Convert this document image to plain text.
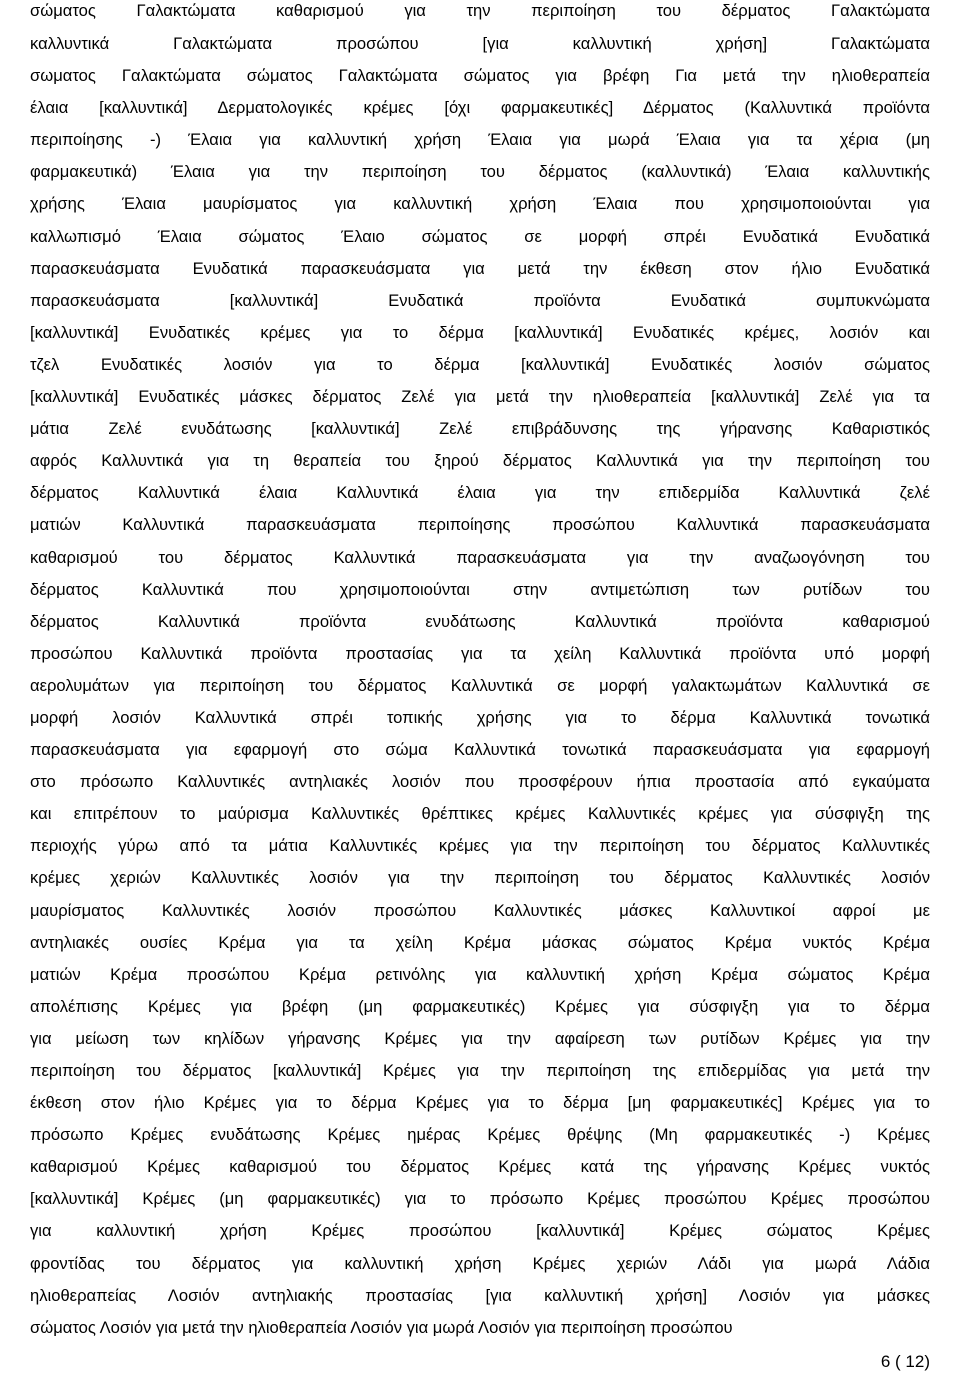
σώματος Γαλακτώματα καθαρισμού για την περιποίηση του δέρματος Γαλακτώματα
καλλυντικά Γαλακτώματα προσώπου [για καλλυντική χρήση] Γαλακτώματα
σωματος Γαλακτώματα σώματος Γαλακτώματα σώματος για βρέφη Για μετά την ηλιοθεραπεία
έλαια [καλλυντικά] Δερματολογικές κρέμες [όχι φαρμακευτικές] Δέρματος (Καλλυντικά προϊόντα
περιποίησης -) Έλαια για καλλυντική χρήση Έλαια για μωρά Έλαια για τα χέρια (μη
φαρμακευτικά) Έλαια για την περιποίηση του δέρματος (καλλυντικά) Έλαια καλλυντικής
χρήσης Έλαια μαυρίσματος για καλλυντική χρήση Έλαια που χρησιμοποιούνται για
καλλωπισμό Έλαια σώματος Έλαιο σώματος σε μορφή σπρέι Ενυδατικά Ενυδατικά
παρασκευάσματα Ενυδατικά παρασκευάσματα για μετά την έκθεση στον ήλιο Ενυδατικά
παρασκευάσματα [καλλυντικά] Ενυδατικά προϊόντα Ενυδατικά συμπυκνώματα
[καλλυντικά] Ενυδατικές κρέμες για το δέρμα [καλλυντικά] Ενυδατικές κρέμες, λοσιόν και
τζελ Ενυδατικές λοσιόν για το δέρμα [καλλυντικά] Ενυδατικές λοσιόν σώματος
[καλλυντικά] Ενυδατικές μάσκες δέρματος Ζελέ για μετά την ηλιοθεραπεία [καλλυντικά] Ζελέ για τα
μάτια Ζελέ ενυδάτωσης [καλλυντικά] Ζελέ επιβράδυνσης της γήρανσης Καθαριστικός
αφρός Καλλυντικά για τη θεραπεία του ξηρού δέρματος Καλλυντικά για την περιποίηση του
δέρματος Καλλυντικά έλαια Καλλυντικά έλαια για την επιδερμίδα Καλλυντικά ζελέ
ματιών Καλλυντικά παρασκευάσματα περιποίησης προσώπου Καλλυντικά παρασκευάσματα
καθαρισμού του δέρματος Καλλυντικά παρασκευάσματα για την αναζωογόνηση του
δέρματος Καλλυντικά που χρησιμοποιούνται στην αντιμετώπιση των ρυτίδων του
δέρματος Καλλυντικά προϊόντα ενυδάτωσης Καλλυντικά προϊόντα καθαρισμού
προσώπου Καλλυντικά προϊόντα προστασίας για τα χείλη Καλλυντικά προϊόντα υπό μορφή
αερολυμάτων για περιποίηση του δέρματος Καλλυντικά σε μορφή γαλακτωμάτων Καλλυντικά σε
μορφή λοσιόν Καλλυντικά σπρέι τοπικής χρήσης για το δέρμα Καλλυντικά τονωτικά
παρασκευάσματα για εφαρμογή στο σώμα Καλλυντικά τονωτικά παρασκευάσματα για εφαρμογή
στο πρόσωπο Καλλυντικές αντηλιακές λοσιόν που προσφέρουν ήπια προστασία από εγκαύματα
και επιτρέπουν το μαύρισμα Καλλυντικές θρέπτικες κρέμες Καλλυντικές κρέμες για σύσφιγξη της
περιοχής γύρω από τα μάτια Καλλυντικές κρέμες για την περιποίηση του δέρματος Καλλυντικές
κρέμες χεριών Καλλυντικές λοσιόν για την περιποίηση του δέρματος Καλλυντικές λοσιόν
μαυρίσματος Καλλυντικές λοσιόν προσώπου Καλλυντικές μάσκες Καλλυντικοί αφροί με
αντηλιακές ουσίες Κρέμα για τα χείλη Κρέμα μάσκας σώματος Κρέμα νυκτός Κρέμα
ματιών Κρέμα προσώπου Κρέμα ρετινόλης για καλλυντική χρήση Κρέμα σώματος Κρέμα
απολέπισης Κρέμες για βρέφη (μη φαρμακευτικές) Κρέμες για σύσφιγξη για το δέρμα
για μείωση των κηλίδων γήρανσης Κρέμες για την αφαίρεση των ρυτίδων Κρέμες για την
περιποίηση του δέρματος [καλλυντικά] Κρέμες για την περιποίηση της επιδερμίδας για μετά την
έκθεση στον ήλιο Κρέμες για το δέρμα Κρέμες για το δέρμα [μη φαρμακευτικές] Κρέμες για το
πρόσωπο Κρέμες ενυδάτωσης Κρέμες ημέρας Κρέμες θρέψης (Μη φαρμακευτικές -) Κρέμες
καθαρισμού Κρέμες καθαρισμού του δέρματος Κρέμες κατά της γήρανσης Κρέμες νυκτός
[καλλυντικά] Κρέμες (μη φαρμακευτικές) για το πρόσωπο Κρέμες προσώπου Κρέμες προσώπου
για καλλυντική χρήση Κρέμες προσώπου [καλλυντικά] Κρέμες σώματος Κρέμες
φροντίδας του δέρματος για καλλυντική χρήση Κρέμες χεριών Λάδι για μωρά Λάδια
ηλιοθεραπείας Λοσιόν αντηλιακής προστασίας [για καλλυντική χρήση] Λοσιόν για μάσκες
σώματος Λοσιόν για μετά την ηλιοθεραπεία Λοσιόν για μωρά Λοσιόν για περιποίηση προσώπου
6 ( 12)
